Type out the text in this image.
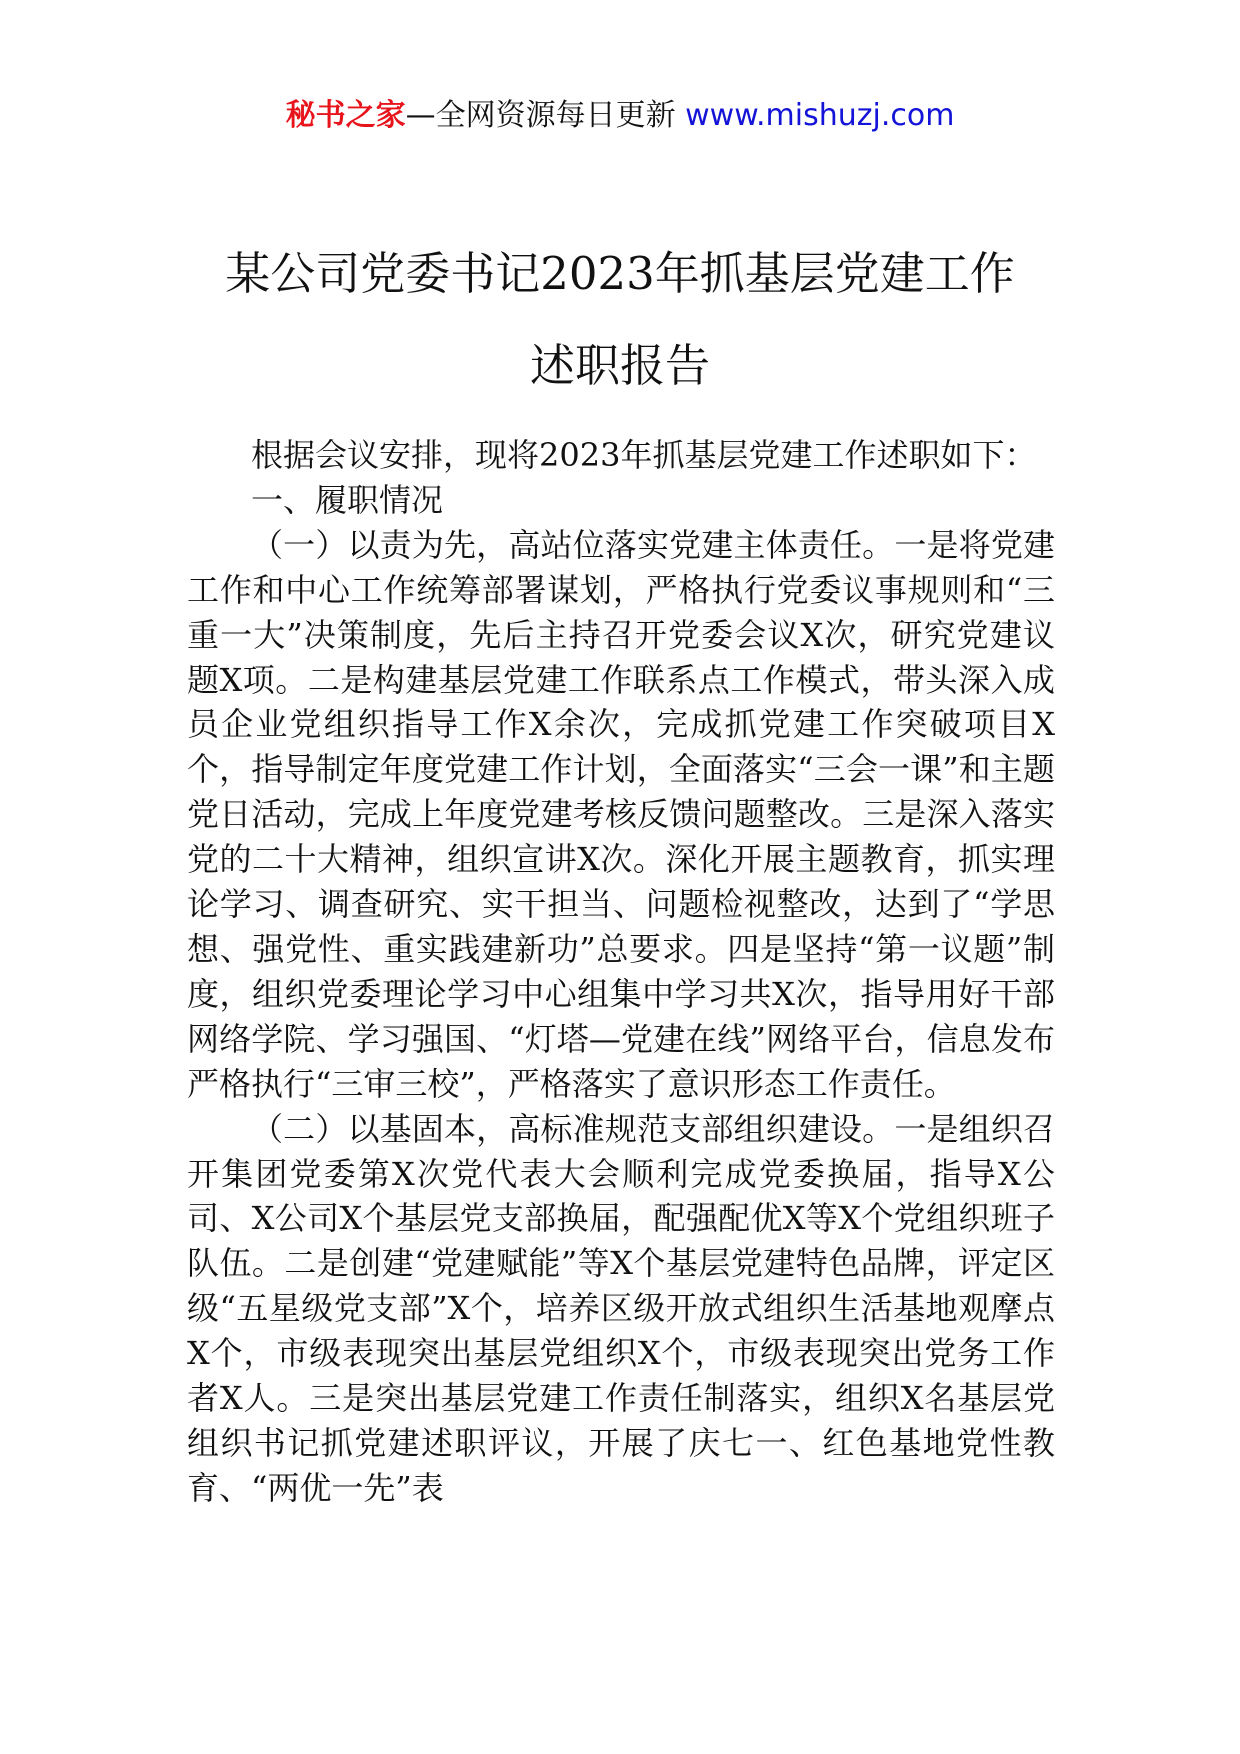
秘书之家—全网资源每日更新 www.mishuzj.com
某公司党委书记2023年抓基层党建工作
述职报告

根据会议安排，现将2023年抓基层党建工作述职如下：

一、履职情况

（一）以责为先，高站位落实党建主体责任。一是将党建工作和中心工作统筹部署谋划，严格执行党委议事规则和“三重一大”决策制度，先后主持召开党委会议X次，研究党建议题X项。二是构建基层党建工作联系点工作模式，带头深入成员企业党组织指导工作X余次，完成抓党建工作突破项目X个，指导制定年度党建工作计划，全面落实“三会一课”和主题党日活动，完成上年度党建考核反馈问题整改。三是深入落实党的二十大精神，组织宣讲X次。深化开展主题教育，抓实理论学习、调查研究、实干担当、问题检视整改，达到了“学思想、强党性、重实践建新功”总要求。四是坚持“第一议题”制度，组织党委理论学习中心组集中学习共X次，指导用好干部网络学院、学习强国、“灯塔—党建在线”网络平台，信息发布严格执行“三审三校”，严格落实了意识形态工作责任。

（二）以基固本，高标准规范支部组织建设。一是组织召开集团党委第X次党代表大会顺利完成党委换届，指导X公司、X公司X个基层党支部换届，配强配优X等X个党组织班子队伍。二是创建“党建赋能”等X个基层党建特色品牌，评定区级“五星级党支部”X个，培养区级开放式组织生活基地观摩点X个，市级表现突出基层党组织X个，市级表现突出党务工作者X人。三是突出基层党建工作责任制落实，组织X名基层党组织书记抓党建述职评议，开展了庆七一、红色基地党性教育、“两优一先”表
